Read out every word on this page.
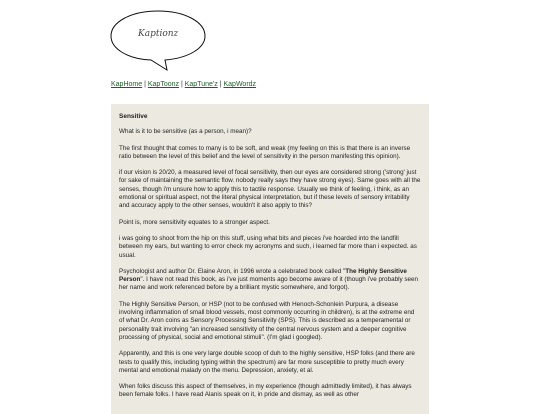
Kaptionz
KapHome | KapToonz | KapTune'z | KapWordz
Sensitive

What is it to be sensitive (as a person, i mean)?

The first thought that comes to many is to be soft, and weak (my feeling on this is that there is an inverse ratio between the level of this belief and the level of sensitivity in the person manifesting this opinion).

if our vision is 20/20, a measured level of focal sensitivity, then our eyes are considered strong ('strong' just for sake of maintaining the semantic flow. nobody really says they have strong eyes). Same goes with all the senses, though i'm unsure how to apply this to tactile response. Usually we think of feeling, i think, as an emotional or spiritual aspect, not the literal physical interpretation, but if these levels of sensory irritability and accuracy apply to the other senses, wouldn't it also apply to this?

Point is, more sensitivity equates to a stronger aspect.

i was going to shoot from the hip on this stuff, using what bits and pieces i've hoarded into the landfill between my ears, but wanting to error check my acronyms and such, i learned far more than i expected. as usual.

Psychologist and author Dr. Elaine Aron, in 1996 wrote a celebrated book called "The Highly Sensitive Person". I have not read this book, as i've just moments ago become aware of it (though i've probably seen her name and work referenced before by a brilliant mystic somewhere, and forgot).

The Highly Sensitive Person, or HSP (not to be confused with Henoch-Schonlein Purpura, a disease involving inflammation of small blood vessels, most commonly occurring in children), is at the extreme end of what Dr. Aron coins as Sensory Processing Sensitivity (SPS). This is described as a temperamental or personality trait involving "an increased sensitivity of the central nervous system and a deeper cognitive processing of physical, social and emotional stimuli". (I'm glad i googled).

Apparently, and this is one very large double scoop of duh to the highly sensitive, HSP folks (and there are tests to qualify this, including typing within the spectrum) are far more susceptible to pretty much every mental and emotional malady on the menu. Depression, anxiety, et al.

When folks discuss this aspect of themselves, in my experience (though admittedly limited), it has always been female folks. I have read Alanis speak on it, in pride and dismay, as well as other
